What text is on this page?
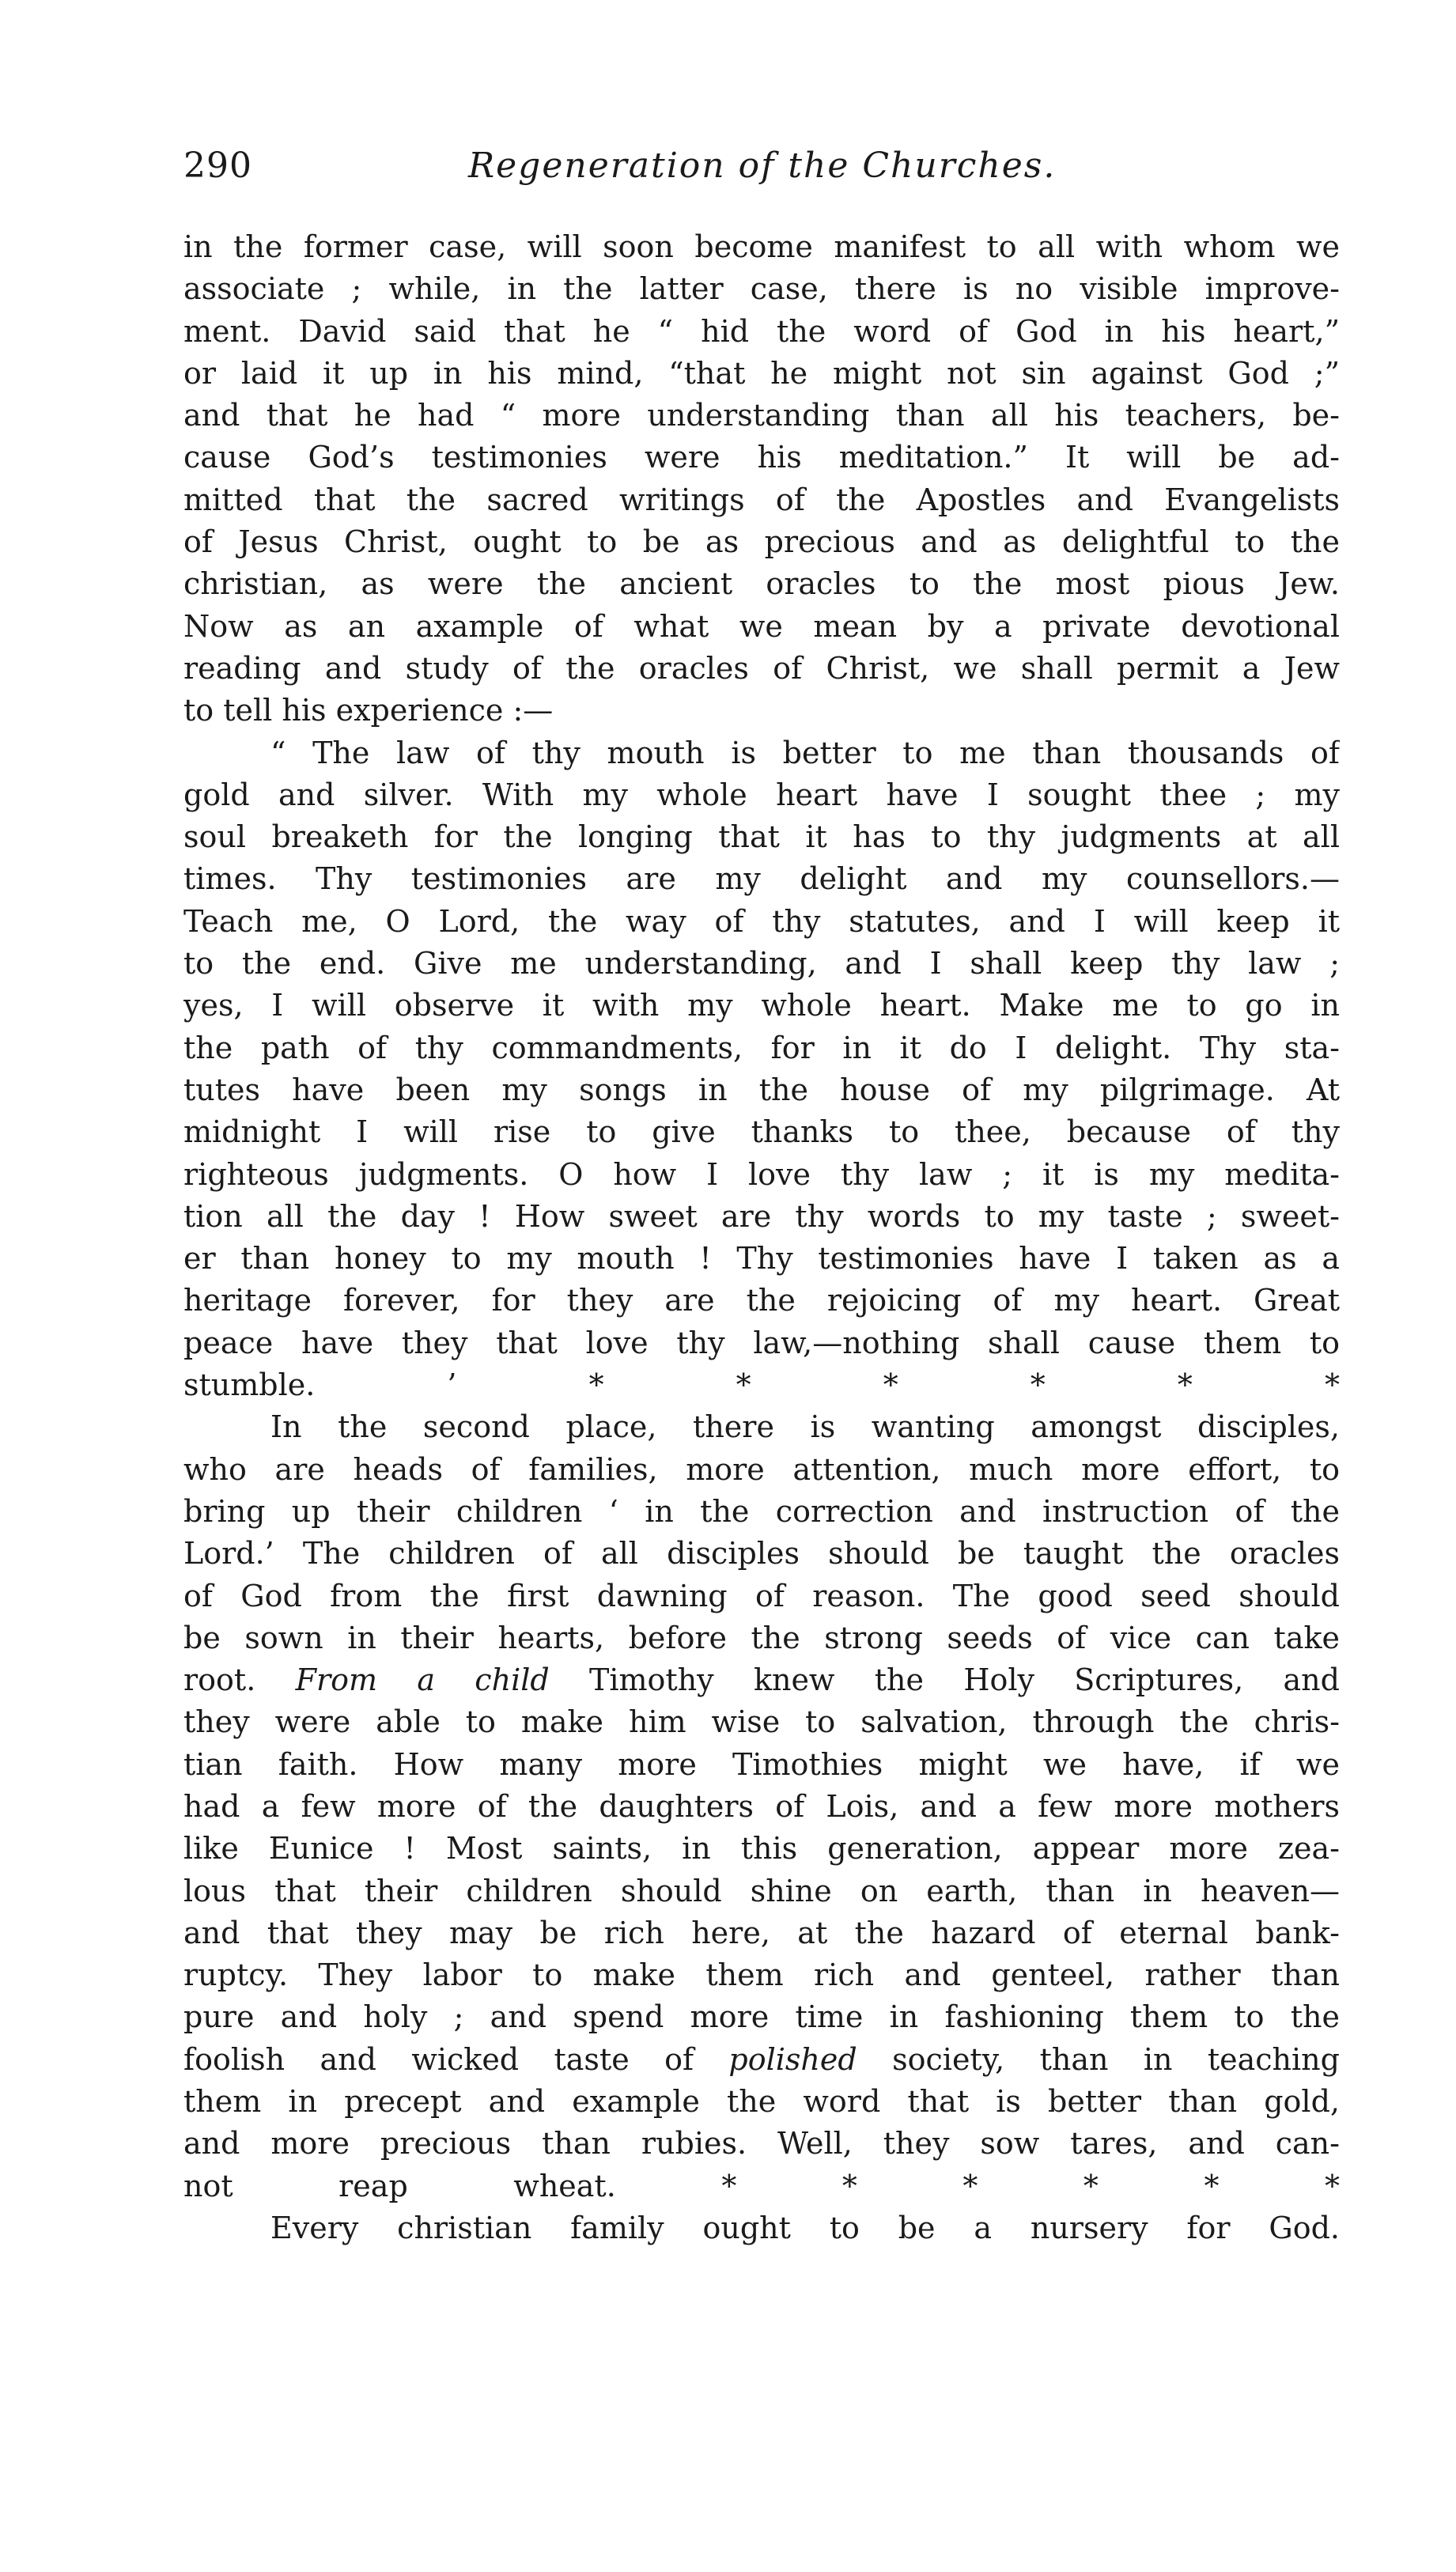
290	Regeneration of the Churches.
in the former case, will soon become manifest to all with whom we
associate ; while, in the latter case, there is no visible improve-
ment. David said that he “ hid the word of God in his heart,”
or laid it up in his mind, “that he might not sin against God ;”
and that he had “ more understanding than all his teachers, be-
cause God’s testimonies were his meditation.” It will be ad-
mitted that the sacred writings of the Apostles and Evangelists
of Jesus Christ, ought to be as precious and as delightful to the
christian, as were the ancient oracles to the most pious Jew.
Now as an axample of what we mean by a private devotional
reading and study of the oracles of Christ, we shall permit a Jew
to tell his experience :—
“ The law of thy mouth is better to me than thousands of
gold and silver. With my whole heart have I sought thee ; my
soul breaketh for the longing that it has to thy judgments at all
times. Thy testimonies are my delight and my counsellors.—
Teach me, O Lord, the way of thy statutes, and I will keep it
to the end. Give me understanding, and I shall keep thy law ;
yes, I will observe it with my whole heart. Make me to go in
the path of thy commandments, for in it do I delight. Thy sta-
tutes have been my songs in the house of my pilgrimage. At
midnight I will rise to give thanks to thee, because of thy
righteous judgments. O how I love thy law ; it is my medita-
tion all the day ! How sweet are thy words to my taste ; sweet-
er than honey to my mouth ! Thy testimonies have I taken as a
heritage forever, for they are the rejoicing of my heart. Great
peace have they that love thy law,—nothing shall cause them to
stumble. ’	*	*	*	*	*	*
In the second place, there is wanting amongst disciples,
who are heads of families, more attention, much more effort, to
bring up their children ‘ in the correction and instruction of the
Lord.’ The children of all disciples should be taught the oracles
of God from the first dawning of reason. The good seed should
be sown in their hearts, before the strong seeds of vice can take
root. From a child Timothy knew the Holy Scriptures, and
they were able to make him wise to salvation, through the chris-
tian faith. How many more Timothies might we have, if we
had a few more of the daughters of Lois, and a few more mothers
like Eunice ! Most saints, in this generation, appear more zea-
lous that their children should shine on earth, than in heaven—
and that they may be rich here, at the hazard of eternal bank-
ruptcy. They labor to make them rich and genteel, rather than
pure and holy ; and spend more time in fashioning them to the
foolish and wicked taste of polished society, than in teaching
them in precept and example the word that is better than gold,
and more precious than rubies. Well, they sow tares, and can-
not reap wheat.	*	*	*	*	*	*
Every christian family ought to be a nursery for God.
